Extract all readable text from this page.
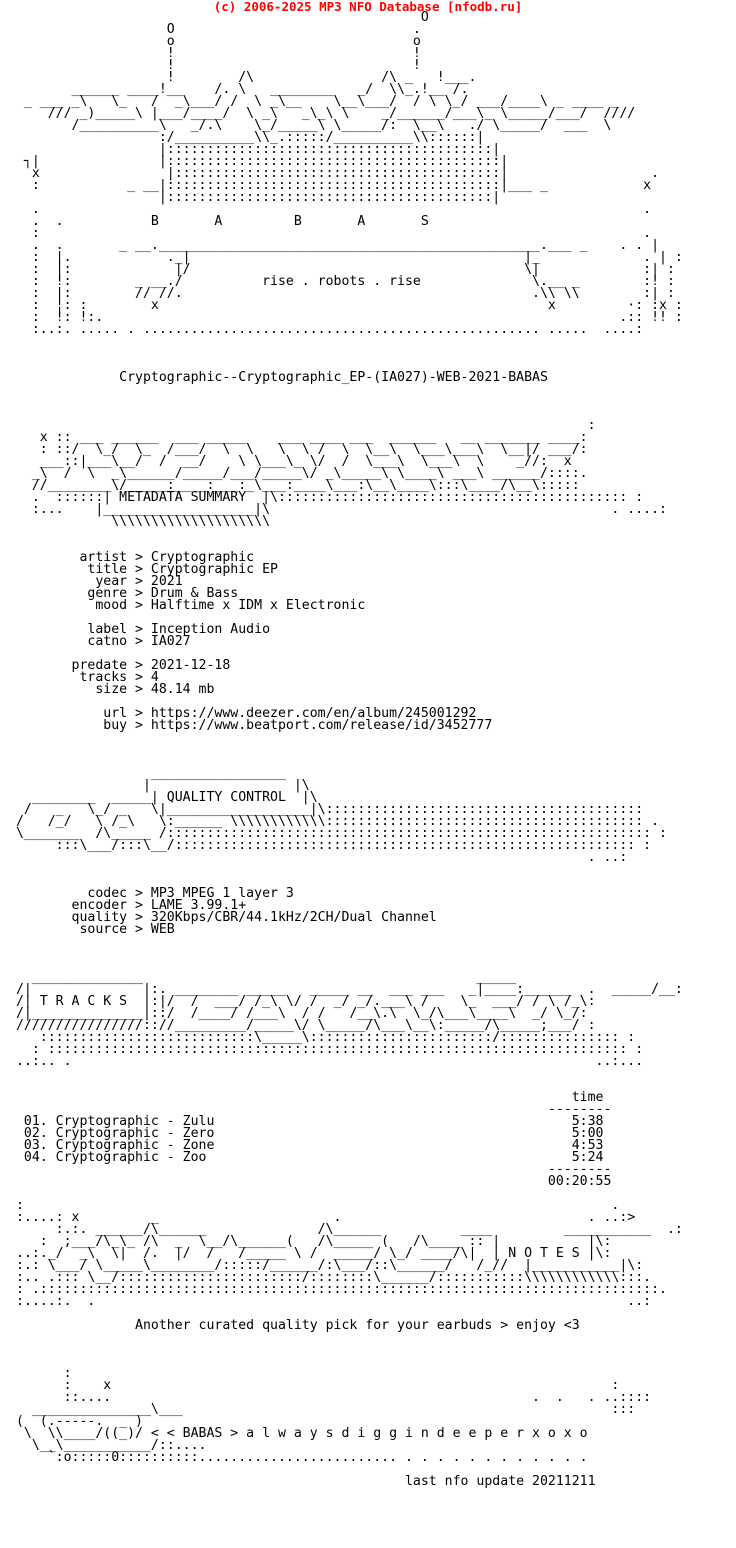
(c) 2006-2025 MP3 NFO Database [nfodb.ru]
O
O                              .
o                              o
!                              !
!                              !
!        /\                /\ _   !___.
______ ____!__    /. \   ________   _/  \\_.!__ /.
_ ___ _\   \_   /  _\___/ /  \ _\__    \__\___/  / \ \_/ ___/____\ _ ____ _
/// _)_____\ |___/____/  \ _\   _\_\ \    _/______/___\_ \_____/___/  ////
/__________\   _/.\    \_/_____\ \_____/:  \__\   ./ \_____/  ___  \
:/__________\\_.:::::/__________\\::::::|
|:::::::::::::::::::::::::::::::::::::::::|
┐|               |::::::::::::::::::::::::::::::::::::::::::|
x                |:::::::::::::::::::::::::::::::::::::::::|                  .
:           _ __|::::::::::::::::::::::::::::::::::::::::::|___ _            x
|:::::::::::::::::::::::::::::::::::::::::|
.                                                                            .
.  .           B       A         B       A       S
:                                                                            .
.  .       _ __.________________________________________________.___ _    . . |
:  |.            ._|                                          |_             . | :
:  |:             |/                                          \|             :| :
:  !:        _ __./          rise . robots . rise              \.__ _        :! :
:  |:        // //.                                            .\\ \\        :| :
:  ¦: :        x                                                 x         ·: :x :
:  !: !:.                                                                 .:: !! :
:..:. ..... . .................................................. .....  ....:

Cryptographic--Cryptographic_EP-(IA027)-WEB-2021-BABAS

:
x :: ___ ______  ___ _____    ___ ____ ___  ______   __ _______ ____:
: ::/  \_/  \_  /___/  \  \   \  \ /  \  \__\  \___\___\  \__|/ ___/:
___::|___\__/  /  __/    \ \___\_ \/  /  \___\  \___\  \    _//:  x
_\  /  \  _\______/_____/___/_____\/ _\_____\ \____\ ___\ ______/::::.
//________\/_____:____:___:_\___:____\___:\__\____\:::\____/\__\:::::
.  ::::::| METADATA SUMMARY  |\:::::::::::::::::::::::::::::::::::::::::::: :
:...    |___________________|\                                           . ....:
\\\\\\\\\\\\\\\\\\\\

artist > Cryptographic
title > Cryptographic EP
year > 2021
genre > Drum & Bass
mood > Halftime x IDM x Electronic

label > Inception Audio
catno > IA027

predate > 2021-12-18
tracks > 4
size > 48.14 mb

url > https://www.deezer.com/en/album/245001292
buy > https://www.beatport.com/release/id/3452777

_________________
|                  |\
________  _____| QUALITY CONTROL  |\
/   _   \_/ _   \|__________________|\::::::::::::::::::::::::::::::::::::::::
/   /_/   \ /_\   \:______ \\\\\\\\\\\\:::::::::::::::::::::::::::::::::::::::: .
\_______  /\_____ /::::::::::::::::::::::::::::::::::::::::::::::::::::::::::::: :
:::\___/:::\__/:::::::::::::::::::::::::::::::::::::::::::::::::::::::::: :
. ..:

codec > MP3 MPEG 1 layer 3
encoder > LAME 3.99.1+
quality > 320Kbps/CBR/44.1kHz/2CH/Dual Channel
source > WEB

______________                                          _____
/|              |:. ________ _____   _____ __  ___ ___   _|____:______  .  _____/__:
/| T R A C K S  |:|/  /  ___/ /_\ \/ /  _/ _/.___\ /    \_  ___/ / \ /_\:
/|______________|::/  /____/ /___\  / /   /__\.\  \_/\___\____\  _/ \_/:
////////////////:://_________/_____\/ \_____/\___\__\:_____/\_____;___/ :
:::::::::::::::::::::::::::\_____\:::::::::::::::::::::::/::::::::::::::: :
: ::::::::::::::::::::::::::::::::::::::::::::::::::::::::::::::::::::::::: :
..:.. .                                                                  ..:...

time
--------
01. Cryptographic - Zulu                                             5:38
02. Cryptographic - Zero                                             5:00
03. Cryptographic - Zone                                             4:53
04. Cryptographic - Zoo                                              5:24
--------
00:20:55

:                                                                          .
:....: x         _                      .                               . ..:>
:.:. ______/\______              /\______          ____         ___________  .:
:  ;___/\_\_ /\  _  \__/\______(   /\_____ (   /\____ :: |           |\:
..:._/  _\  \|  /.  |/  /   /_____ \ /  _____/ \_/ ____/\|  | N O T E S |\:
:.: \___/ \_____\________/:::::/______/:\___/::\______/   /_//  |___________|\:
:.. .::: \__/:::::::::::::::::::::::/::::::::\______/:::::::::::\\\\\\\\\\\\:::.
: .::::::::::::::::::::::::::::::::::::::::::::::::::::::::::::::::::::::::::::::.
:....:.  .                                                                   ..:

Another curated quality pick for your earbuds > enjoy <3

:
:    x                                                               :
::....                                                     .  .   . ..::::
_______________\___                                                      :::
(  (.-----.  _ )
\  \\____/((_)/ < < BABAS > a l w a y s d i g g i n d e e p e r x o x o
\__\___________/::....
`:o:::::0::::::::::......................... . . . . . . . . . . . .

last nfo update 20211211
